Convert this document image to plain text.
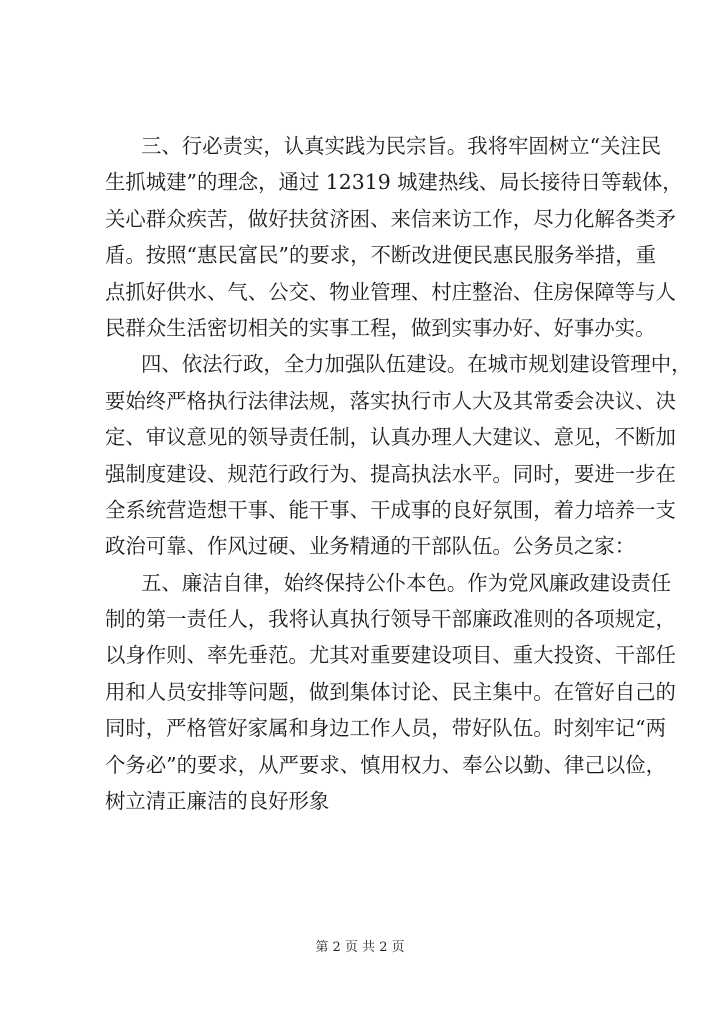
三、行必责实，认真实践为民宗旨。我将牢固树立“关注民
生抓城建”的理念，通过 12319 城建热线、局长接待日等载体，
关心群众疾苦，做好扶贫济困、来信来访工作，尽力化解各类矛
盾。按照“惠民富民”的要求，不断改进便民惠民服务举措，重
点抓好供水、气、公交、物业管理、村庄整治、住房保障等与人
民群众生活密切相关的实事工程，做到实事办好、好事办实。
四、依法行政，全力加强队伍建设。在城市规划建设管理中，
要始终严格执行法律法规，落实执行市人大及其常委会决议、决
定、审议意见的领导责任制，认真办理人大建议、意见，不断加
强制度建设、规范行政行为、提高执法水平。同时，要进一步在
全系统营造想干事、能干事、干成事的良好氛围，着力培养一支
政治可靠、作风过硬、业务精通的干部队伍。公务员之家：
五、廉洁自律，始终保持公仆本色。作为党风廉政建设责任
制的第一责任人，我将认真执行领导干部廉政准则的各项规定，
以身作则、率先垂范。尤其对重要建设项目、重大投资、干部任
用和人员安排等问题，做到集体讨论、民主集中。在管好自己的
同时，严格管好家属和身边工作人员，带好队伍。时刻牢记“两
个务必”的要求，从严要求、慎用权力、奉公以勤、律己以俭，
树立清正廉洁的良好形象
第 2 页 共 2 页
